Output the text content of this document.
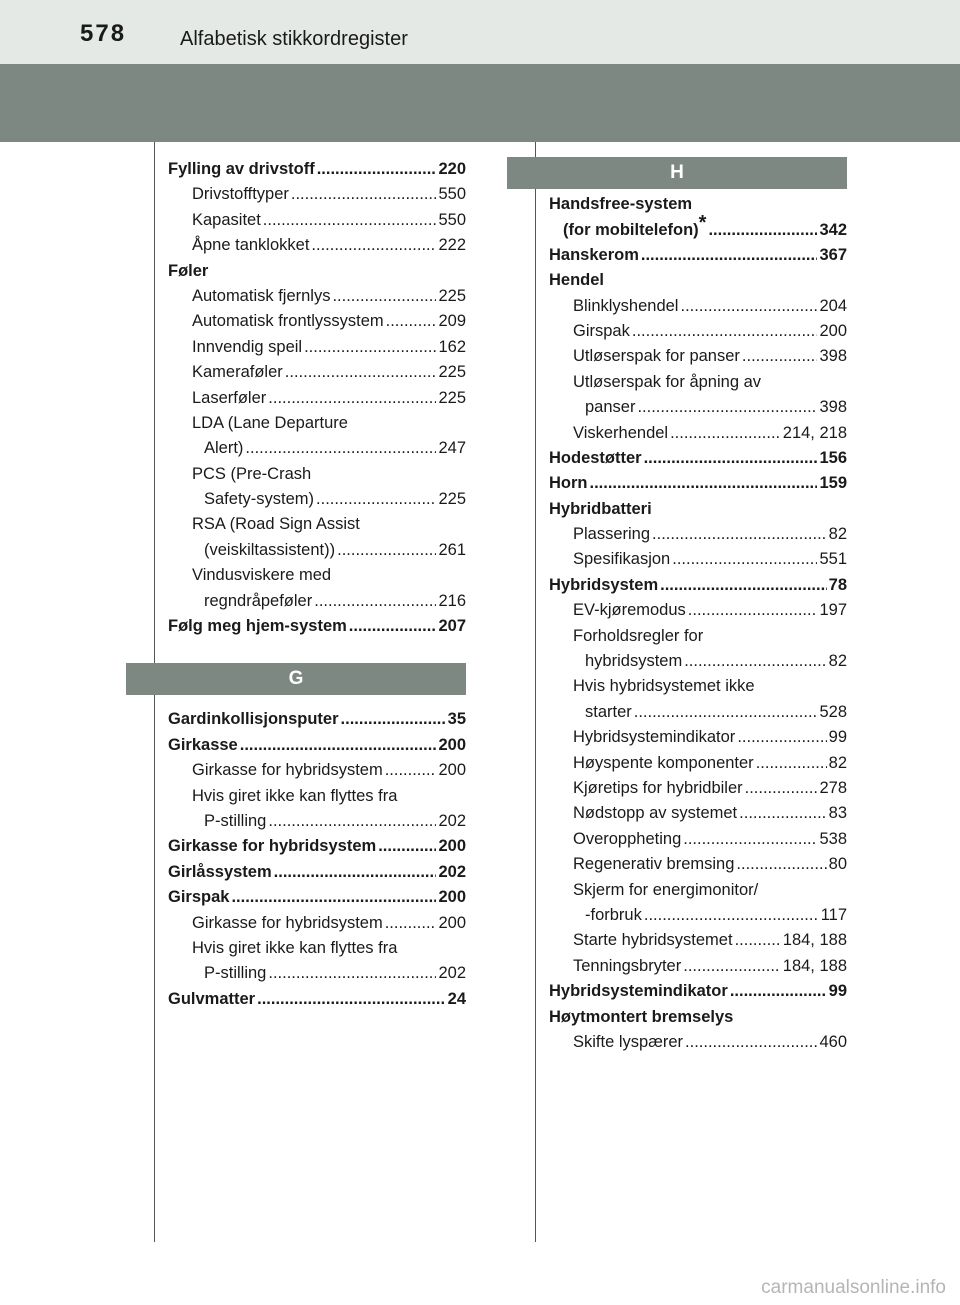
578	Alfabetisk stikkordregister
Fylling av drivstoff .....	220
Drivstofftyper .....	550
Kapasitet .....	550
Åpne tanklokket .....	222
Føler
Automatisk fjernlys .....	225
Automatisk frontlyssystem .....	209
Innvendig speil .....	162
Kameraføler .....	225
Laserføler .....	225
LDA (Lane Departure
Alert) .....	247
PCS (Pre-Crash
Safety-system) .....	225
RSA (Road Sign Assist
(veiskiltassistent)) .....	261
Vindusviskere med
regndråpeføler .....	216
Følg meg hjem-system .....	207
G
Gardinkollisjonsputer .....	35
Girkasse .....	200
Girkasse for hybridsystem .....	200
Hvis giret ikke kan flyttes fra
P-stilling .....	202
Girkasse for hybridsystem .....	200
Girlåssystem .....	202
Girspak .....	200
Girkasse for hybridsystem .....	200
Hvis giret ikke kan flyttes fra
P-stilling .....	202
Gulvmatter .....	24
H
Handsfree-system
(for mobiltelefon)* .....	342
Hanskerom .....	367
Hendel
Blinklyshendel .....	204
Girspak .....	200
Utløserspak for panser .....	398
Utløserspak for åpning av
panser .....	398
Viskerhendel .....	214, 218
Hodestøtter .....	156
Horn .....	159
Hybridbatteri
Plassering .....	82
Spesifikasjon .....	551
Hybridsystem .....	78
EV-kjøremodus .....	197
Forholdsregler for
hybridsystem .....	82
Hvis hybridsystemet ikke
starter .....	528
Hybridsystemindikator .....	99
Høyspente komponenter .....	82
Kjøretips for hybridbiler .....	278
Nødstopp av systemet .....	83
Overoppheting .....	538
Regenerativ bremsing .....	80
Skjerm for energimonitor/
-forbruk .....	117
Starte hybridsystemet .....	184, 188
Tenningsbryter .....	184, 188
Hybridsystemindikator .....	99
Høytmontert bremselys
Skifte lyspærer .....	460
carmanualsonline.info
